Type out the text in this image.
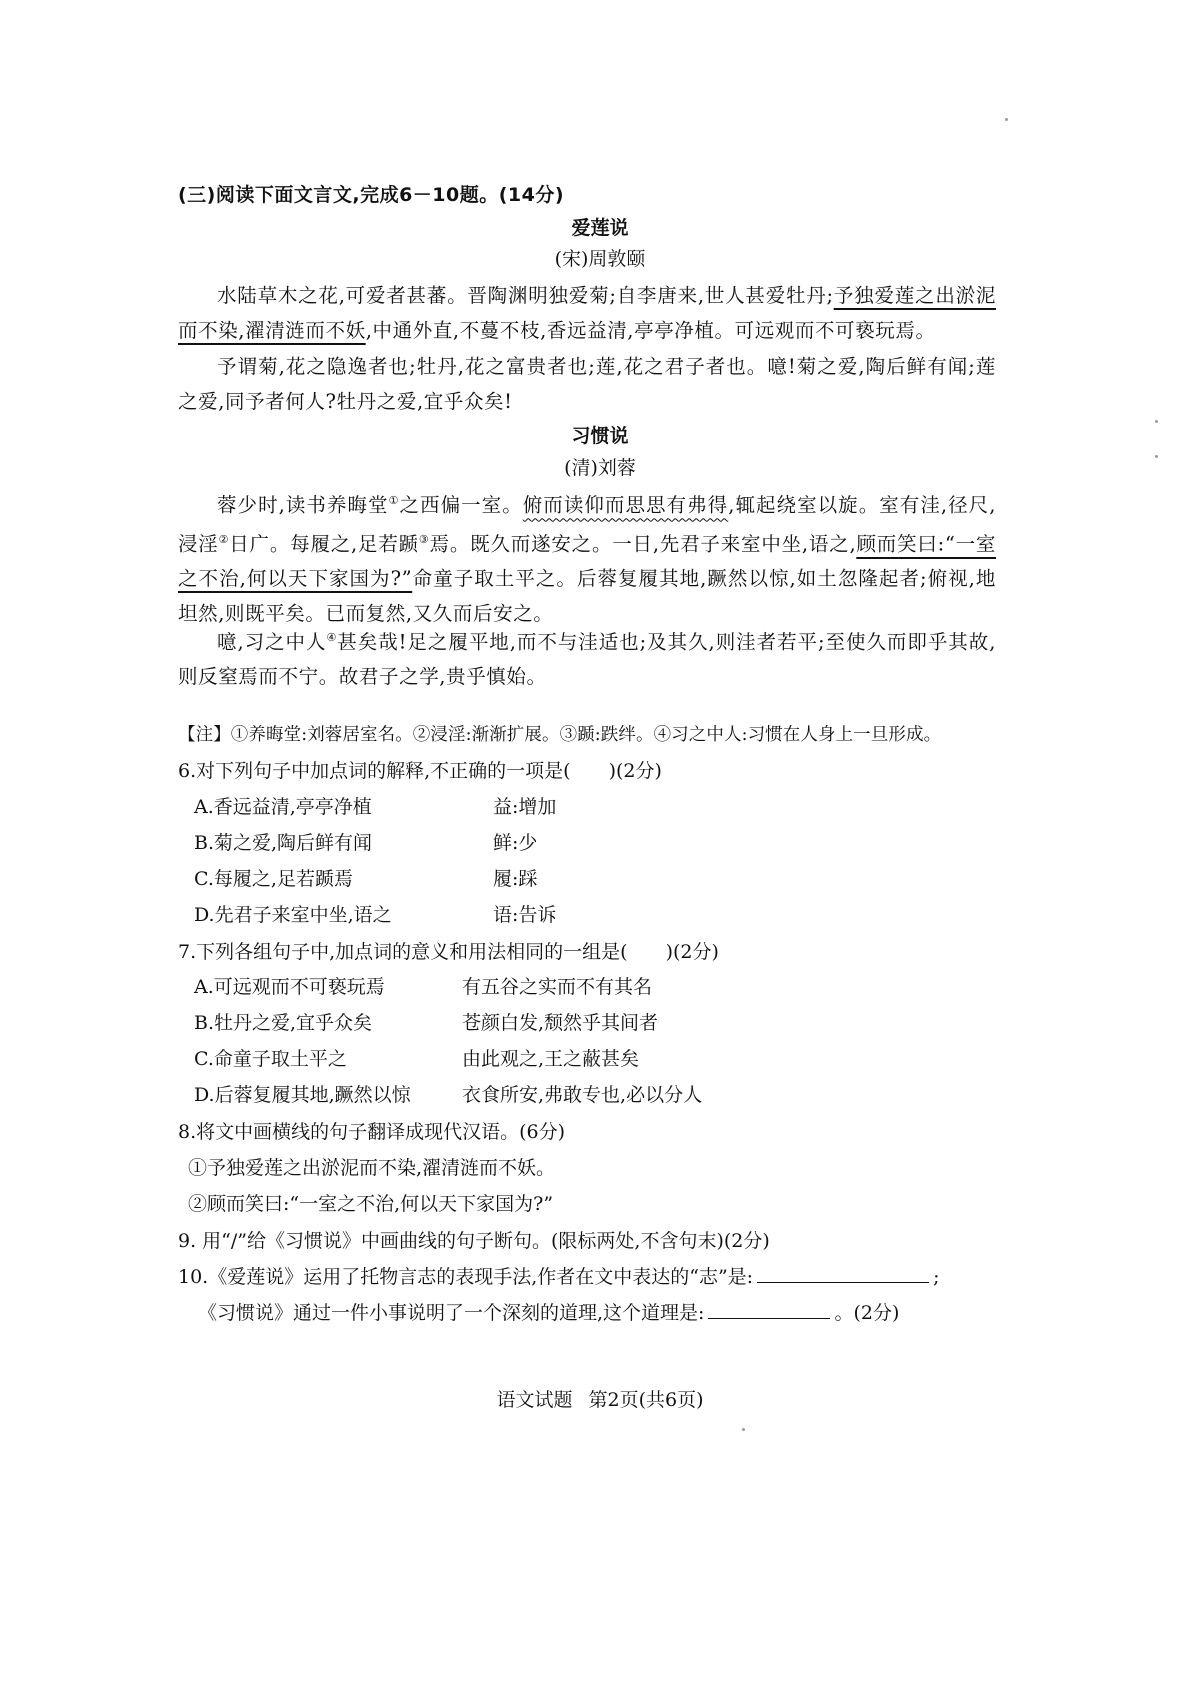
(三)阅读下面文言文,完成6－10题。(14分)
爱莲说
(宋)周敦颐
水陆草木之花,可爱者甚蕃。晋陶渊明独爱菊;自李唐来,世人甚爱牡丹;予独爱莲之出淤泥而不染,濯清涟而不妖,中通外直,不蔓不枝,香远益清,亭亭净植。可远观而不可亵玩焉。
予谓菊,花之隐逸者也;牡丹,花之富贵者也;莲,花之君子者也。噫!菊之爱,陶后鲜有闻;莲之爱,同予者何人?牡丹之爱,宜乎众矣!
习惯说
(清)刘蓉
蓉少时,读书养晦堂①之西偏一室。俯而读仰而思思有弗得,辄起绕室以旋。室有洼,径尺,浸淫②日广。每履之,足若踬③焉。既久而遂安之。一日,先君子来室中坐,语之,顾而笑曰:“一室之不治,何以天下家国为?”命童子取土平之。后蓉复履其地,蹶然以惊,如土忽隆起者;俯视,地坦然,则既平矣。已而复然,又久而后安之。
噫,习之中人④甚矣哉!足之履平地,而不与洼适也;及其久,则洼者若平;至使久而即乎其故,则反窒焉而不宁。故君子之学,贵乎慎始。
【注】①养晦堂:刘蓉居室名。②浸淫:渐渐扩展。③踬:跌绊。④习之中人:习惯在人身上一旦形成。
6.对下列句子中加点词的解释,不正确的一项是(　　)(2分)
A.香远益清,亭亭净植	益:增加
B.菊之爱,陶后鲜有闻	鲜:少
C.每履之,足若踬焉	履:踩
D.先君子来室中坐,语之	语:告诉
7.下列各组句子中,加点词的意义和用法相同的一组是(　　)(2分)
A.可远观而不可亵玩焉	有五谷之实而不有其名
B.牡丹之爱,宜乎众矣	苍颜白发,颓然乎其间者
C.命童子取土平之	由此观之,王之蔽甚矣
D.后蓉复履其地,蹶然以惊	衣食所安,弗敢专也,必以分人
8.将文中画横线的句子翻译成现代汉语。(6分)
①予独爱莲之出淤泥而不染,濯清涟而不妖。
②顾而笑曰:“一室之不治,何以天下家国为?”
9. 用“/”给《习惯说》中画曲线的句子断句。(限标两处,不含句末)(2分)
10.《爱莲说》运用了托物言志的表现手法,作者在文中表达的“志”是:	;
《习惯说》通过一件小事说明了一个深刻的道理,这个道理是:	。(2分)
语文试题 第2页(共6页)
